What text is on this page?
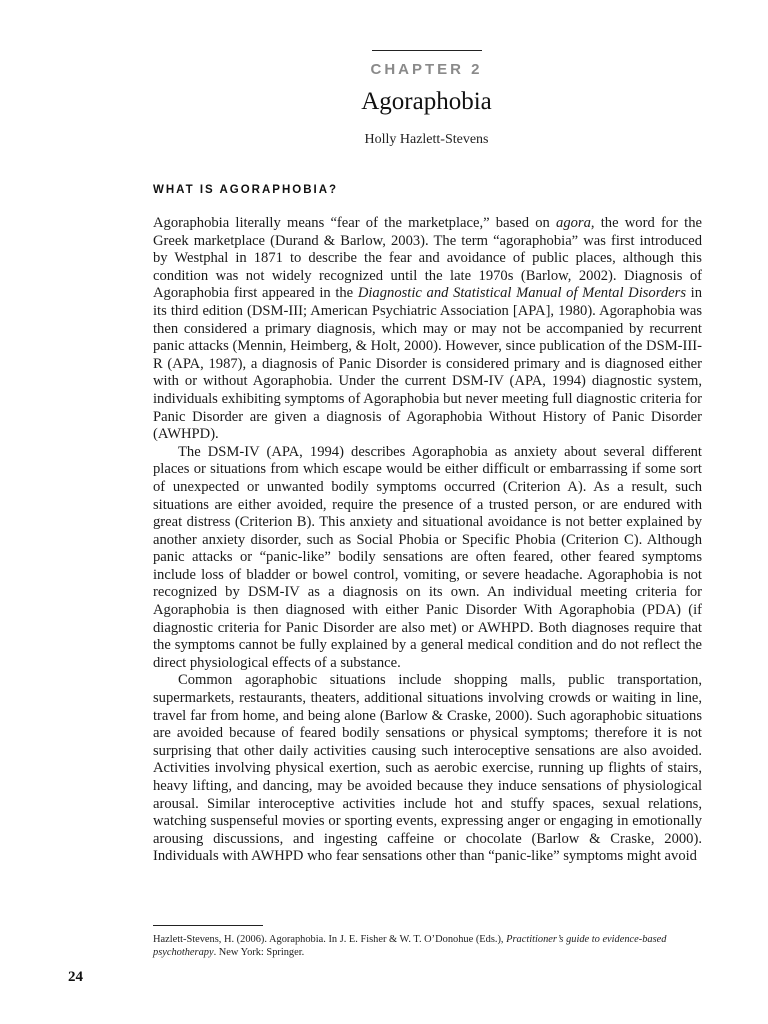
CHAPTER 2
Agoraphobia
Holly Hazlett-Stevens
WHAT IS AGORAPHOBIA?

Agoraphobia literally means “fear of the marketplace,” based on agora, the word for the Greek marketplace (Durand & Barlow, 2003). The term “agoraphobia” was first introduced by Westphal in 1871 to describe the fear and avoidance of public places, although this condition was not widely recognized until the late 1970s (Barlow, 2002). Diagnosis of Agoraphobia first appeared in the Diagnostic and Statistical Manual of Mental Disorders in its third edition (DSM-III; American Psychiatric Association [APA], 1980). Agoraphobia was then considered a primary diagnosis, which may or may not be accompanied by recurrent panic attacks (Mennin, Heimberg, & Holt, 2000). However, since publication of the DSM-III-R (APA, 1987), a diagnosis of Panic Disorder is considered primary and is diagnosed either with or without Agoraphobia. Under the current DSM-IV (APA, 1994) diagnostic system, individuals exhibiting symptoms of Agoraphobia but never meeting full diagnostic criteria for Panic Disorder are given a diagnosis of Agoraphobia Without History of Panic Disorder (AWHPD).

The DSM-IV (APA, 1994) describes Agoraphobia as anxiety about several different places or situations from which escape would be either difficult or embarrassing if some sort of unexpected or unwanted bodily symptoms occurred (Criterion A). As a result, such situations are either avoided, require the presence of a trusted person, or are endured with great distress (Criterion B). This anxiety and situational avoidance is not better explained by another anxiety disorder, such as Social Phobia or Specific Phobia (Criterion C). Although panic attacks or “panic-like” bodily sensations are often feared, other feared symptoms include loss of bladder or bowel control, vomiting, or severe headache. Agoraphobia is not recognized by DSM-IV as a diagnosis on its own. An individual meeting criteria for Agoraphobia is then diagnosed with either Panic Disorder With Agoraphobia (PDA) (if diagnostic criteria for Panic Disorder are also met) or AWHPD. Both diagnoses require that the symptoms cannot be fully explained by a general medical condition and do not reflect the direct physiological effects of a substance.

Common agoraphobic situations include shopping malls, public transportation, supermarkets, restaurants, theaters, additional situations involving crowds or waiting in line, travel far from home, and being alone (Barlow & Craske, 2000). Such agoraphobic situations are avoided because of feared bodily sensations or physical symptoms; therefore it is not surprising that other daily activities causing such interoceptive sensations are also avoided. Activities involving physical exertion, such as aerobic exercise, running up flights of stairs, heavy lifting, and dancing, may be avoided because they induce sensations of physiological arousal. Similar interoceptive activities include hot and stuffy spaces, sexual relations, watching suspenseful movies or sporting events, expressing anger or engaging in emotionally arousing discussions, and ingesting caffeine or chocolate (Barlow & Craske, 2000). Individuals with AWHPD who fear sensations other than “panic-like” symptoms might avoid

Hazlett-Stevens, H. (2006). Agoraphobia. In J. E. Fisher & W. T. O’Donohue (Eds.), Practitioner’s guide to evidence-based psychotherapy. New York: Springer.
24
